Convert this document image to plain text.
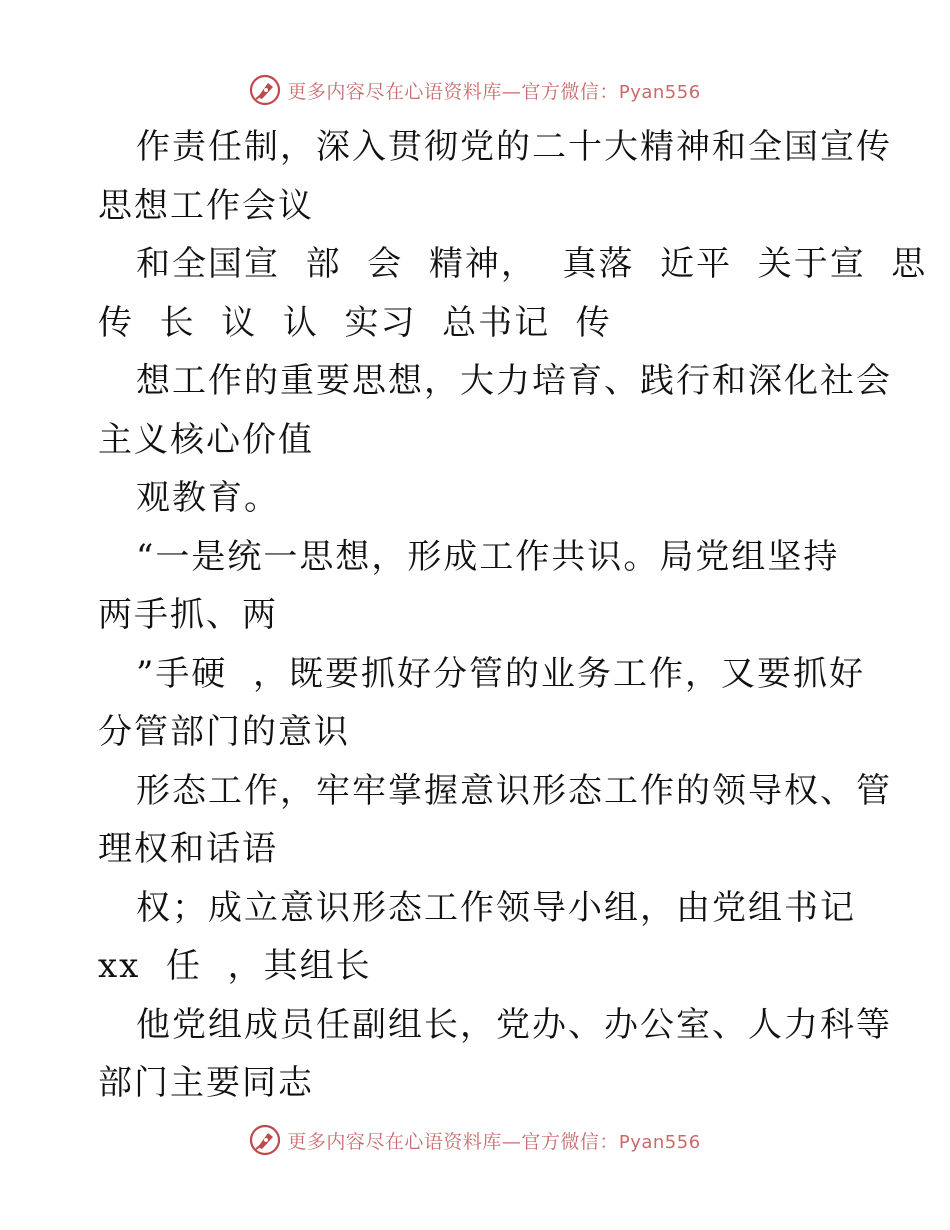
更多内容尽在心语资料库—官方微信：Pyan556
作责任制，深入贯彻党的二十大精神和全国宣传
思想工作会议
和全国宣  部  会  精神，  真落  近平  关于宣  思
传  长  议  认  实习  总书记  传
想工作的重要思想，大力培育、践行和深化社会
主义核心价值
观教育。
“一是统一思想，形成工作共识。局党组坚持
两手抓、两
”手硬  ，既要抓好分管的业务工作，又要抓好
分管部门的意识
形态工作，牢牢掌握意识形态工作的领导权、管
理权和话语
权；成立意识形态工作领导小组，由党组书记
xx  任  ，其组长
他党组成员任副组长，党办、办公室、人力科等
部门主要同志
更多内容尽在心语资料库—官方微信：Pyan556
